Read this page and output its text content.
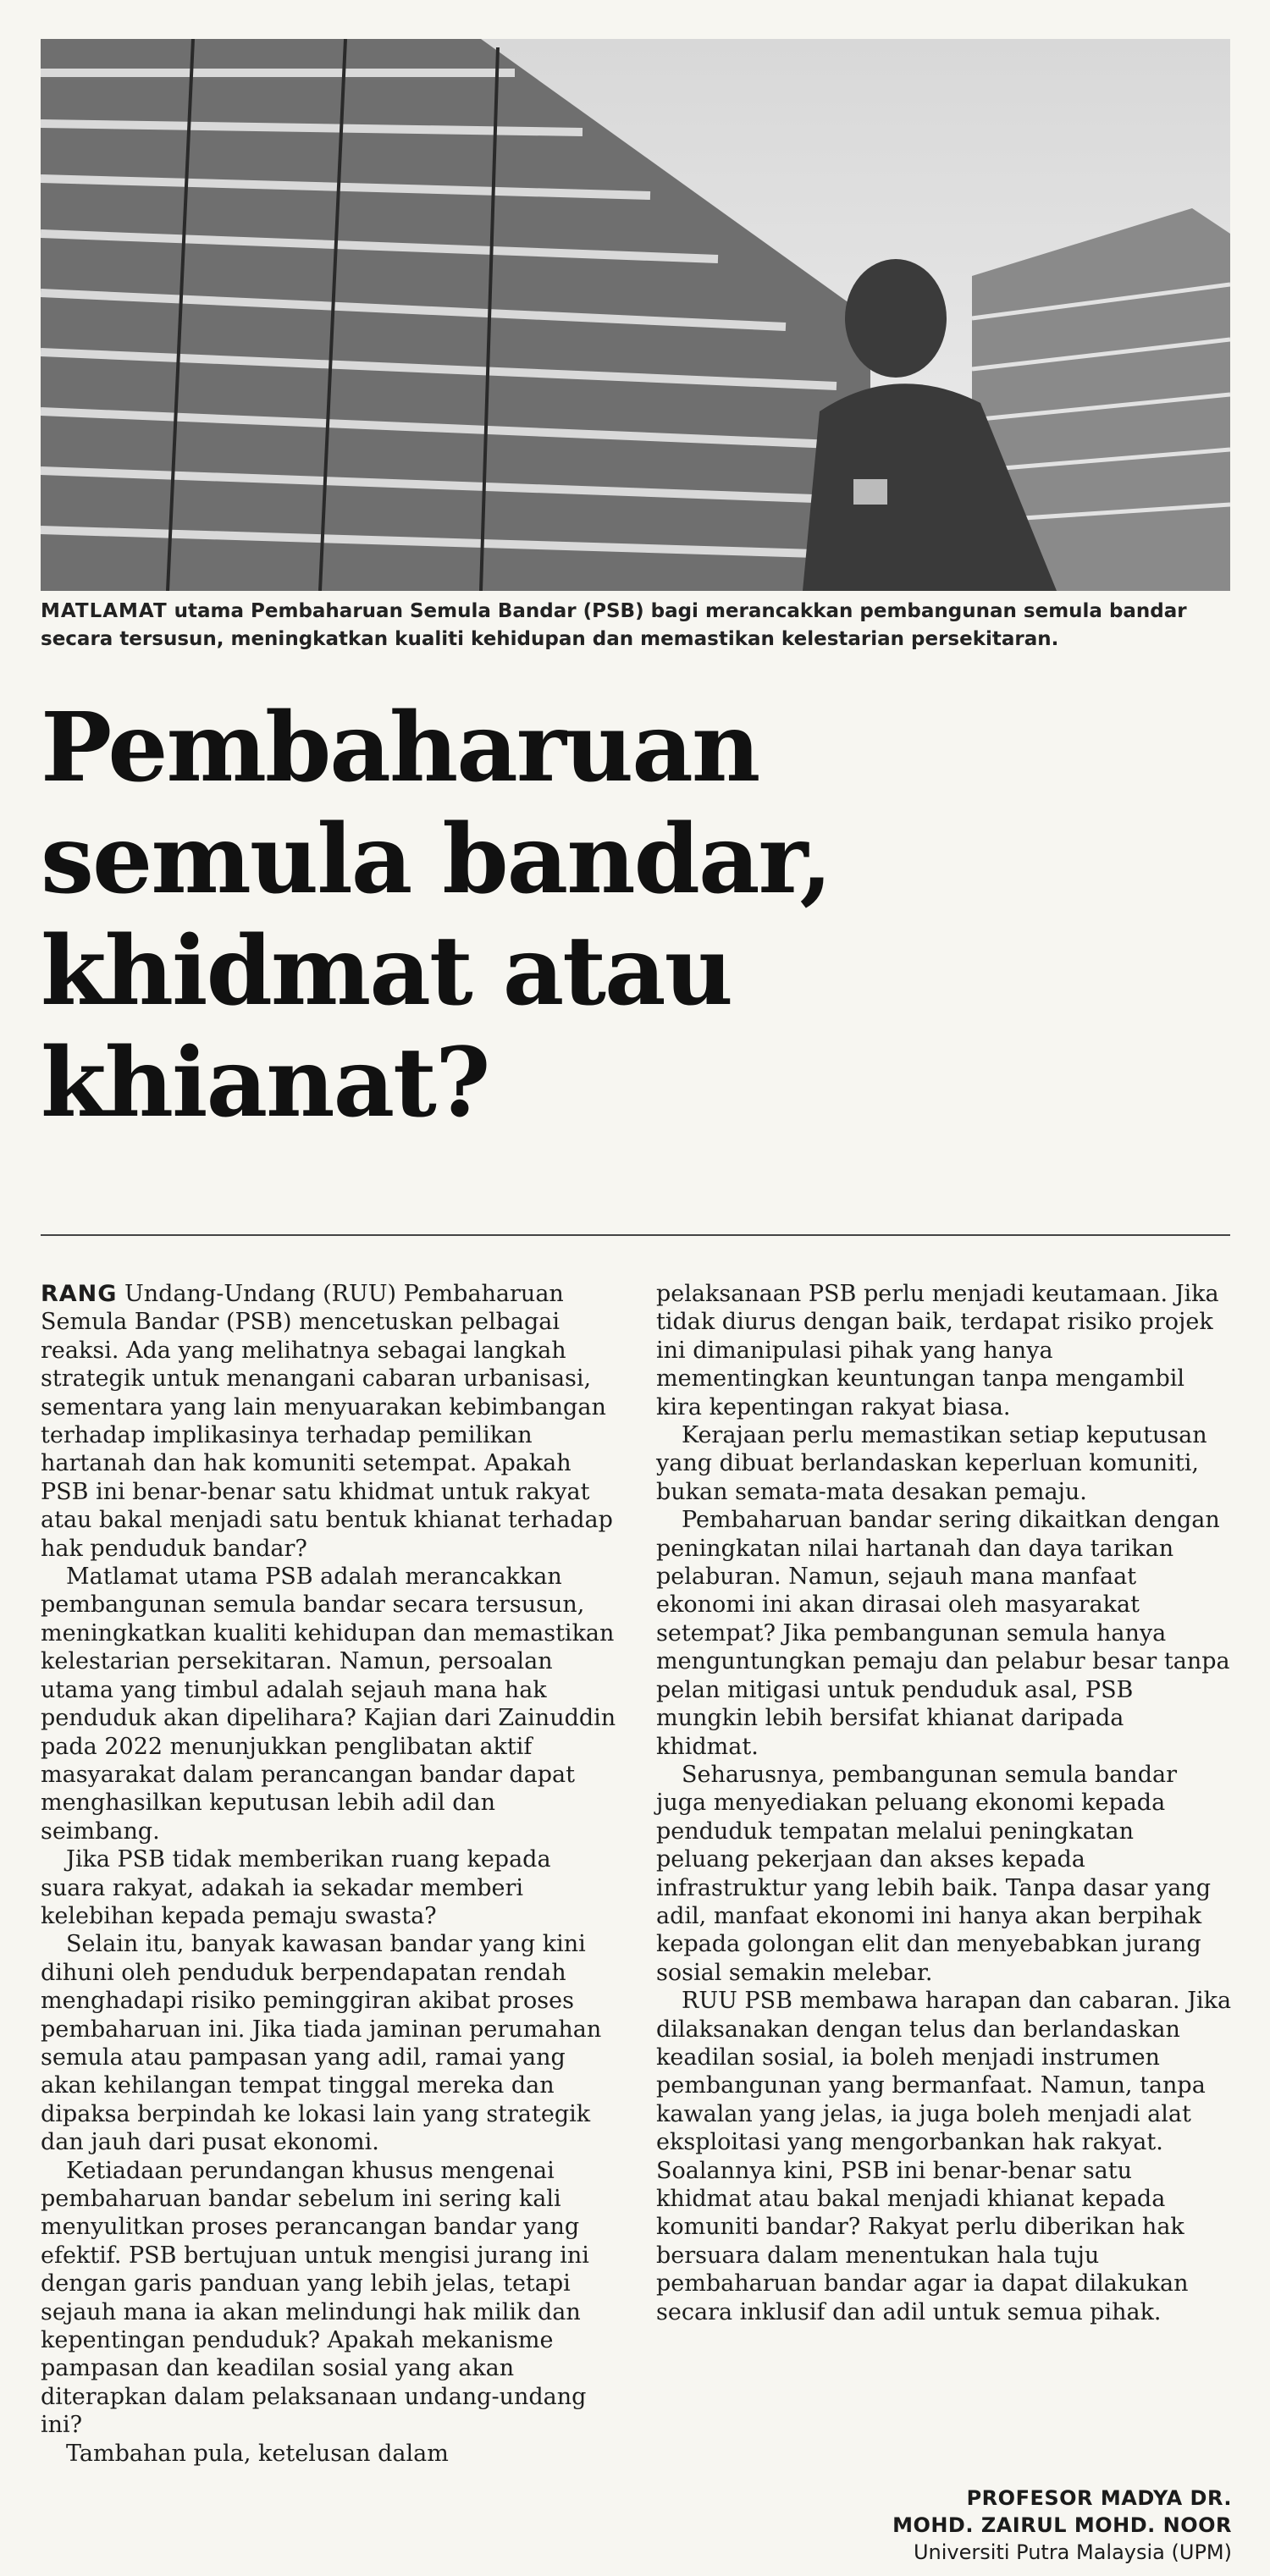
MATLAMAT utama Pembaharuan Semula Bandar (PSB) bagi merancakkan pembangunan semula bandar secara tersusun, meningkatkan kualiti kehidupan dan memastikan kelestarian persekitaran.
Pembaharuan
semula bandar,
khidmat atau
khianat?

RANG Undang-Undang (RUU) Pembaharuan Semula Bandar (PSB) mencetuskan pelbagai reaksi. Ada yang melihatnya sebagai langkah strategik untuk menangani cabaran urbanisasi, sementara yang lain menyuarakan kebimbangan terhadap implikasinya terhadap pemilikan hartanah dan hak komuniti setempat. Apakah PSB ini benar-benar satu khidmat untuk rakyat atau bakal menjadi satu bentuk khianat terhadap hak penduduk bandar?

Matlamat utama PSB adalah merancakkan pembangunan semula bandar secara tersusun, meningkatkan kualiti kehidupan dan memastikan kelestarian persekitaran. Namun, persoalan utama yang timbul adalah sejauh mana hak penduduk akan dipelihara? Kajian dari Zainuddin pada 2022 menunjukkan penglibatan aktif masyarakat dalam perancangan bandar dapat menghasilkan keputusan lebih adil dan seimbang.

Jika PSB tidak memberikan ruang kepada suara rakyat, adakah ia sekadar memberi kelebihan kepada pemaju swasta?

Selain itu, banyak kawasan bandar yang kini dihuni oleh penduduk berpendapatan rendah menghadapi risiko peminggiran akibat proses pembaharuan ini. Jika tiada jaminan perumahan semula atau pampasan yang adil, ramai yang akan kehilangan tempat tinggal mereka dan dipaksa berpindah ke lokasi lain yang strategik dan jauh dari pusat ekonomi.

Ketiadaan perundangan khusus mengenai pembaharuan bandar sebelum ini sering kali menyulitkan proses perancangan bandar yang efektif. PSB bertujuan untuk mengisi jurang ini dengan garis panduan yang lebih jelas, tetapi sejauh mana ia akan melindungi hak milik dan kepentingan penduduk? Apakah mekanisme pampasan dan keadilan sosial yang akan diterapkan dalam pelaksanaan undang-undang ini?

Tambahan pula, ketelusan dalam

pelaksanaan PSB perlu menjadi keutamaan. Jika tidak diurus dengan baik, terdapat risiko projek ini dimanipulasi pihak yang hanya mementingkan keuntungan tanpa mengambil kira kepentingan rakyat biasa.

Kerajaan perlu memastikan setiap keputusan yang dibuat berlandaskan keperluan komuniti, bukan semata-mata desakan pemaju.

Pembaharuan bandar sering dikaitkan dengan peningkatan nilai hartanah dan daya tarikan pelaburan. Namun, sejauh mana manfaat ekonomi ini akan dirasai oleh masyarakat setempat? Jika pembangunan semula hanya menguntungkan pemaju dan pelabur besar tanpa pelan mitigasi untuk penduduk asal, PSB mungkin lebih bersifat khianat daripada khidmat.

Seharusnya, pembangunan semula bandar juga menyediakan peluang ekonomi kepada penduduk tempatan melalui peningkatan peluang pekerjaan dan akses kepada infrastruktur yang lebih baik. Tanpa dasar yang adil, manfaat ekonomi ini hanya akan berpihak kepada golongan elit dan menyebabkan jurang sosial semakin melebar.

RUU PSB membawa harapan dan cabaran. Jika dilaksanakan dengan telus dan berlandaskan keadilan sosial, ia boleh menjadi instrumen pembangunan yang bermanfaat. Namun, tanpa kawalan yang jelas, ia juga boleh menjadi alat eksploitasi yang mengorbankan hak rakyat. Soalannya kini, PSB ini benar-benar satu khidmat atau bakal menjadi khianat kepada komuniti bandar? Rakyat perlu diberikan hak bersuara dalam menentukan hala tuju pembaharuan bandar agar ia dapat dilakukan secara inklusif dan adil untuk semua pihak.

PROFESOR MADYA DR.
MOHD. ZAIRUL MOHD. NOOR
Universiti Putra Malaysia (UPM)
